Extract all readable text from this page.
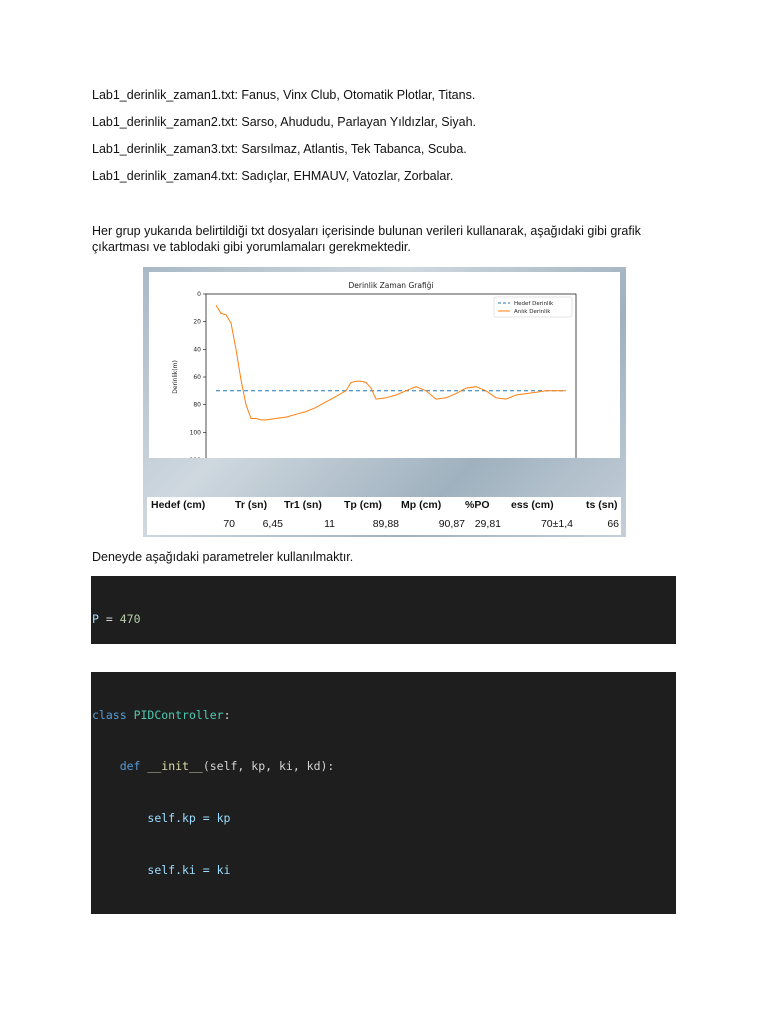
Lab1_derinlik_zaman1.txt: Fanus, Vinx Club, Otomatik Plotlar, Titans.
Lab1_derinlik_zaman2.txt: Sarso, Ahududu, Parlayan Yıldızlar, Siyah.
Lab1_derinlik_zaman3.txt: Sarsılmaz, Atlantis, Tek Tabanca, Scuba.
Lab1_derinlik_zaman4.txt: Sadıçlar, EHMAUV, Vatozlar, Zorbalar.
Her grup yukarıda belirtildiği txt dosyaları içerisinde bulunan verileri kullanarak, aşağıdaki gibi grafik çıkartması ve tablodaki gibi yorumlamaları gerekmektedir.
Derinlik Zaman Grafiği
0
20
40
60
80
100
Derinlik(m)
Hedef Derinlik
Anlık Derinlik
Hedef (cm)	Tr (sn) Tr1 (sn) Tp (cm) Mp (cm) %PO ess (cm)	ts (sn)
70	6,45	11	89,88	90,87 29,81	70±1,4	66
Deneyde aşağıdaki parametreler kullanılmaktır.

P = 470

class PIDController:

def __init__(self, kp, ki, kd):

self.kp = kp

self.ki = ki
